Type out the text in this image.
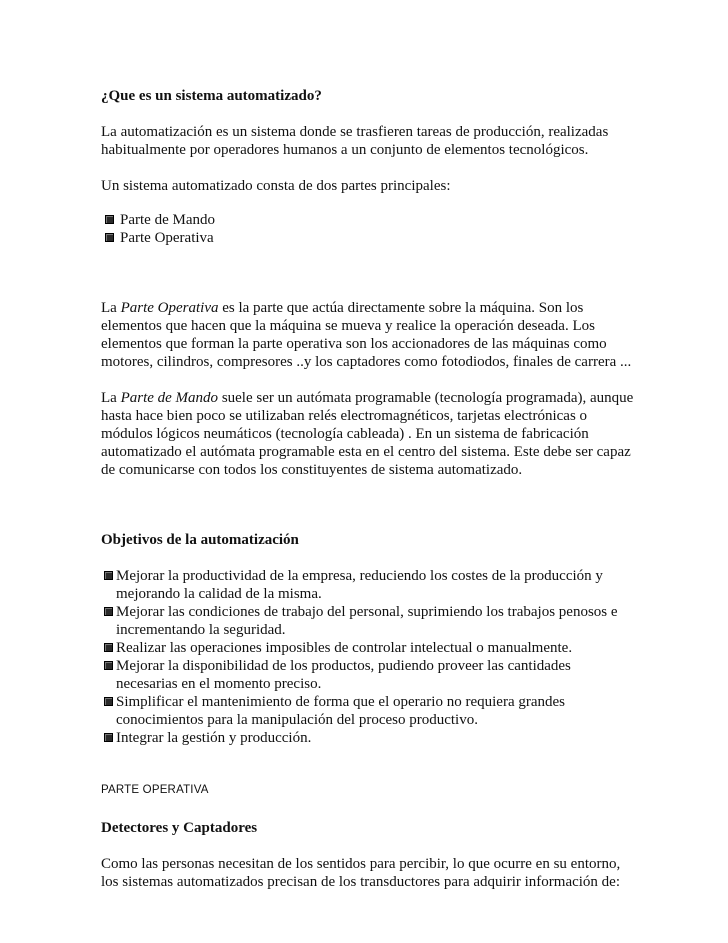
¿Que es un sistema automatizado?

La automatización es un sistema donde se trasfieren tareas de producción, realizadas habitualmente por operadores humanos a un conjunto de elementos tecnológicos.

Un sistema automatizado consta de dos partes principales:

Parte de Mando
Parte Operativa

La Parte Operativa es la parte que actúa directamente sobre la máquina. Son los elementos que hacen que la máquina se mueva y realice la operación deseada. Los elementos que forman la parte operativa son los accionadores de las máquinas como motores, cilindros, compresores ..y los captadores como fotodiodos, finales de carrera ...

La Parte de Mando suele ser un autómata programable (tecnología programada), aunque hasta hace bien poco se utilizaban relés electromagnéticos, tarjetas electrónicas o módulos lógicos neumáticos (tecnología cableada) . En un sistema de fabricación automatizado el autómata programable esta en el centro del sistema. Este debe ser capaz de comunicarse con todos los constituyentes de sistema automatizado.

Objetivos de la automatización

Mejorar la productividad de la empresa, reduciendo los costes de la producción y mejorando la calidad de la misma.
Mejorar las condiciones de trabajo del personal, suprimiendo los trabajos penosos e incrementando la seguridad.
Realizar las operaciones imposibles de controlar intelectual o manualmente.
Mejorar la disponibilidad de los productos, pudiendo proveer las cantidades necesarias en el momento preciso.
Simplificar el mantenimiento de forma que el operario no requiera grandes conocimientos para la manipulación del proceso productivo.
Integrar la gestión y producción.

PARTE OPERATIVA

Detectores y Captadores

Como las personas necesitan de los sentidos para percibir, lo que ocurre en su entorno, los sistemas automatizados precisan de los transductores para adquirir información de:
